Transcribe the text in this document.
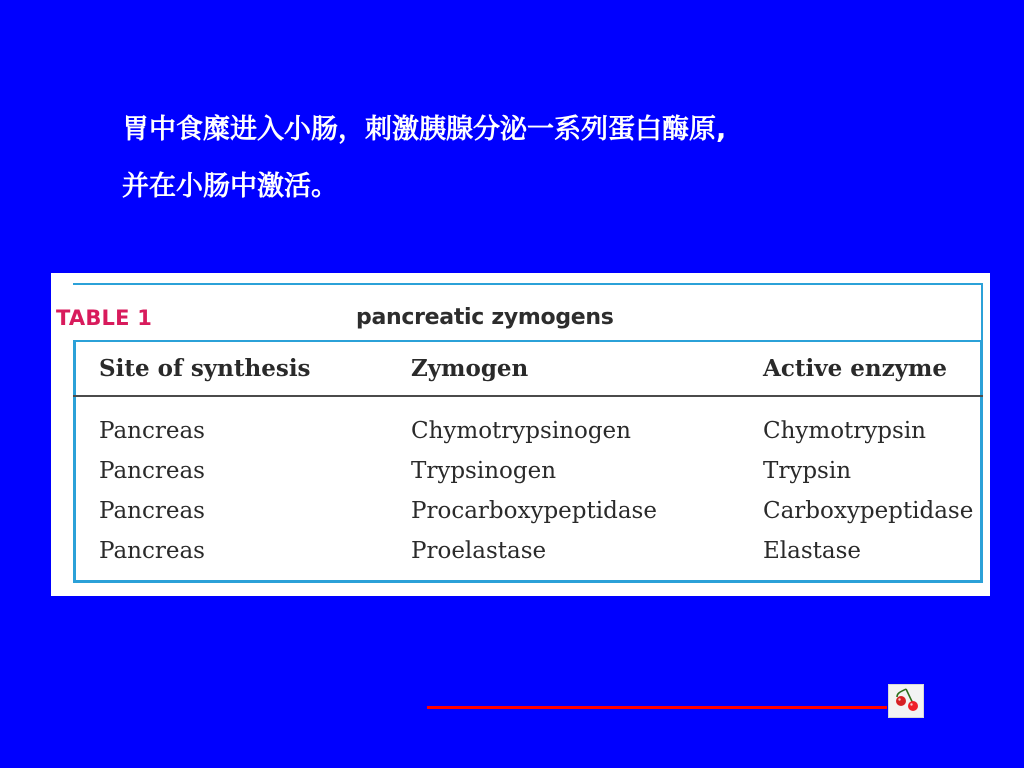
胃中食糜进入小肠，刺激胰腺分泌一系列蛋白酶原,
并在小肠中激活。
TABLE 1	pancreatic zymogens
Site of synthesis	Zymogen	Active enzyme
Pancreas	Chymotrypsinogen	Chymotrypsin
Pancreas	Trypsinogen	Trypsin
Pancreas	Procarboxypeptidase	Carboxypeptidase
Pancreas	Proelastase	Elastase
